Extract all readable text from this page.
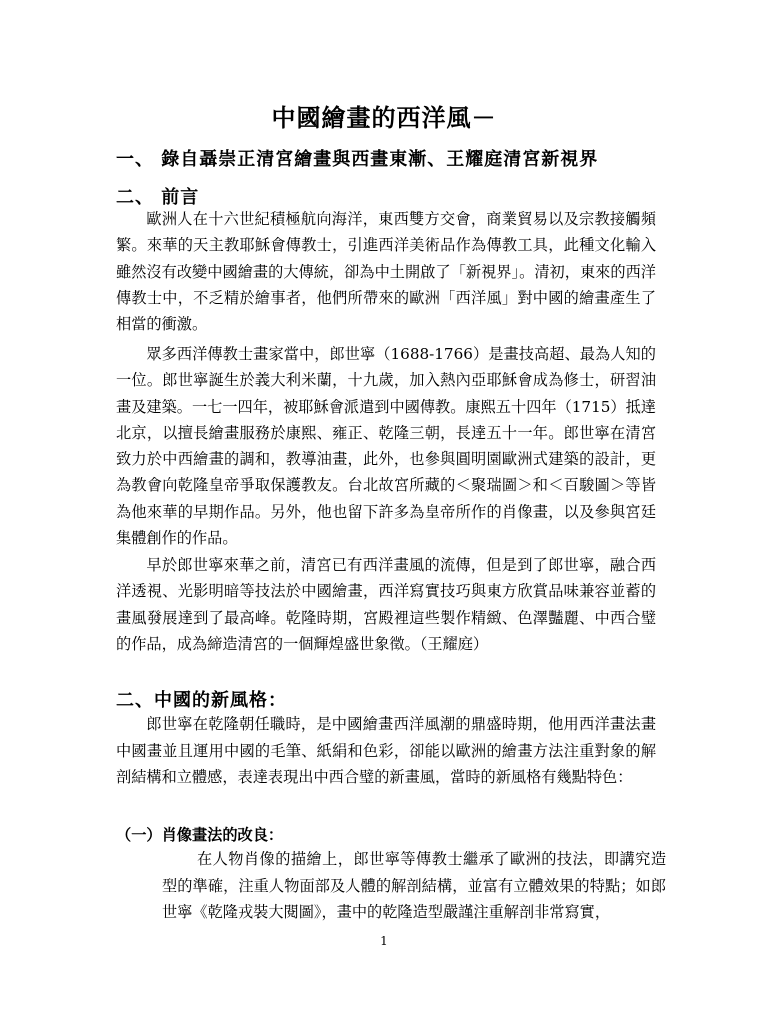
中國繪畫的西洋風－
一、 錄自聶崇正清宮繪畫與西畫東漸、王耀庭清宮新視界
二、 前言

歐洲人在十六世紀積極航向海洋，東西雙方交會，商業貿易以及宗教接觸頻繁。來華的天主教耶穌會傳教士，引進西洋美術品作為傳教工具，此種文化輸入雖然沒有改變中國繪畫的大傳統，卻為中土開啟了「新視界」。清初，東來的西洋傳教士中，不乏精於繪事者，他們所帶來的歐洲「西洋風」對中國的繪畫產生了相當的衝激。

眾多西洋傳教士畫家當中，郎世寧（1688-1766）是畫技高超、最為人知的一位。郎世寧誕生於義大利米蘭，十九歲，加入熱內亞耶穌會成為修士，研習油畫及建築。一七一四年，被耶穌會派遣到中國傳教。康熙五十四年（1715）抵達北京，以擅長繪畫服務於康熙、雍正、乾隆三朝，長達五十一年。郎世寧在清宮致力於中西繪畫的調和，教導油畫，此外，也參與圓明園歐洲式建築的設計，更為教會向乾隆皇帝爭取保護教友。台北故宮所藏的＜聚瑞圖＞和＜百駿圖＞等皆為他來華的早期作品。另外，他也留下許多為皇帝所作的肖像畫，以及參與宮廷集體創作的作品。

早於郎世寧來華之前，清宮已有西洋畫風的流傳，但是到了郎世寧，融合西洋透視、光影明暗等技法於中國繪畫，西洋寫實技巧與東方欣賞品味兼容並蓄的畫風發展達到了最高峰。乾隆時期，宮殿裡這些製作精緻、色澤豔麗、中西合璧的作品，成為締造清宮的一個輝煌盛世象徵。（王耀庭）

二、中國的新風格：

郎世寧在乾隆朝任職時，是中國繪畫西洋風潮的鼎盛時期，他用西洋畫法畫中國畫並且運用中國的毛筆、紙絹和色彩，卻能以歐洲的繪畫方法注重對象的解剖結構和立體感，表達表現出中西合璧的新畫風，當時的新風格有幾點特色：

（一）肖像畫法的改良：

在人物肖像的描繪上，郎世寧等傳教士繼承了歐洲的技法，即講究造型的準確，注重人物面部及人體的解剖結構，並富有立體效果的特點；如郎世寧《乾隆戎裝大閱圖》，畫中的乾隆造型嚴謹注重解剖非常寫實，

1
